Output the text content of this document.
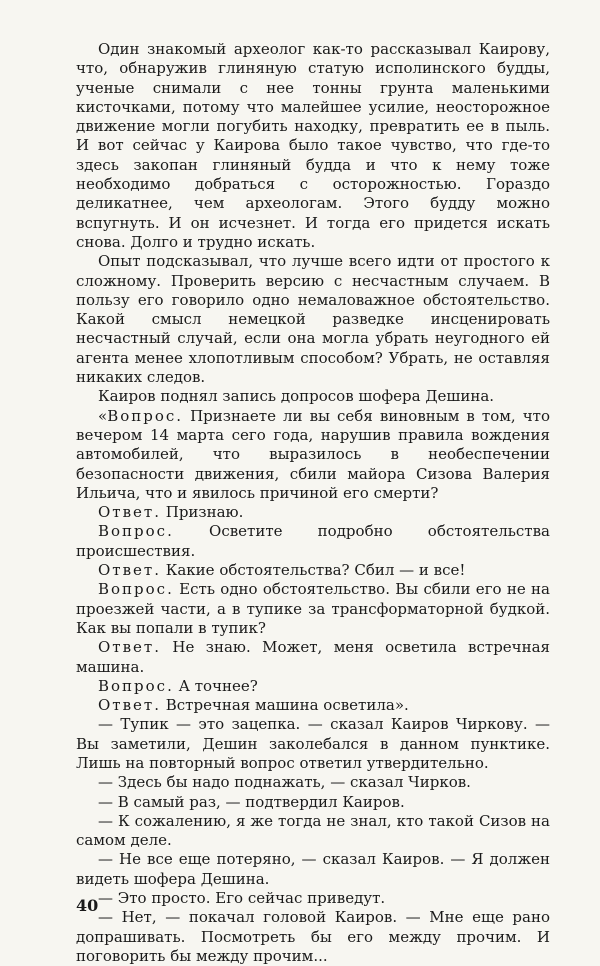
Один знакомый археолог как-то рассказывал Каирову, что, обнаружив глиняную статую исполинского будды, ученые снимали с нее тонны грунта маленькими кисточками, потому что малейшее усилие, неосторожное движение могли погубить находку, превратить ее в пыль. И вот сейчас у Каирова было такое чувство, что где-то здесь закопан глиняный будда и что к нему тоже необходимо добраться с осторожностью. Гораздо деликатнее, чем археологам. Этого будду можно вспугнуть. И он исчезнет. И тогда его придется искать снова. Долго и трудно искать.

Опыт подсказывал, что лучше всего идти от простого к сложному. Проверить версию с несчастным случаем. В пользу его говорило одно немаловажное обстоятельство. Какой смысл немецкой разведке инсценировать несчастный случай, если она могла убрать неугодного ей агента менее хлопотливым способом? Убрать, не оставляя никаких следов.

Каиров поднял запись допросов шофера Дешина.

«Вопрос. Признаете ли вы себя виновным в том, что вечером 14 марта сего года, нарушив правила вождения автомобилей, что выразилось в необеспечении безопасности движения, сбили майора Сизова Валерия Ильича, что и явилось причиной его смерти?

Ответ. Признаю.

Вопрос. Осветите подробно обстоятельства происшествия.

Ответ. Какие обстоятельства? Сбил — и все!

Вопрос. Есть одно обстоятельство. Вы сбили его не на проезжей части, а в тупике за трансформаторной будкой. Как вы попали в тупик?

Ответ. Не знаю. Может, меня осветила встречная машина.

Вопрос. А точнее?

Ответ. Встречная машина осветила».

— Тупик — это зацепка. — сказал Каиров Чиркову. — Вы заметили, Дешин заколебался в данном пунктике. Лишь на повторный вопрос ответил утвердительно.

— Здесь бы надо поднажать, — сказал Чирков.

— В самый раз, — подтвердил Каиров.

— К сожалению, я же тогда не знал, кто такой Сизов на самом деле.

— Не все еще потеряно, — сказал Каиров. — Я должен видеть шофера Дешина.

— Это просто. Его сейчас приведут.

— Нет, — покачал головой Каиров. — Мне еще рано допрашивать. Посмотреть бы его между прочим. И поговорить бы между прочим...

40
